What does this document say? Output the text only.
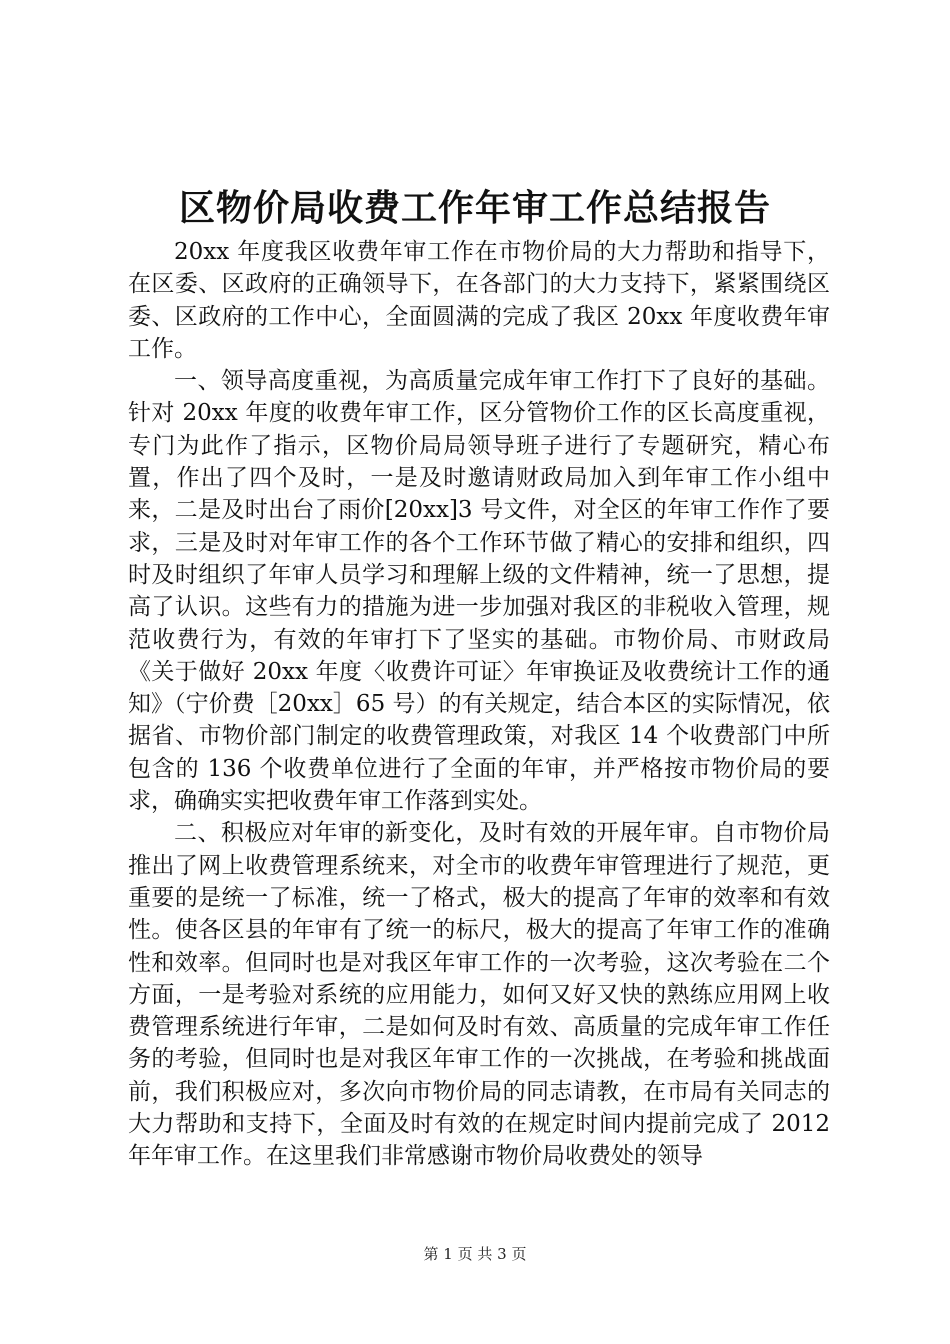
区物价局收费工作年审工作总结报告

20xx 年度我区收费年审工作在市物价局的大力帮助和指导下，在区委、区政府的正确领导下，在各部门的大力支持下，紧紧围绕区委、区政府的工作中心，全面圆满的完成了我区 20xx 年度收费年审工作。

一、领导高度重视，为高质量完成年审工作打下了良好的基础。针对 20xx 年度的收费年审工作，区分管物价工作的区长高度重视，专门为此作了指示，区物价局局领导班子进行了专题研究，精心布置，作出了四个及时，一是及时邀请财政局加入到年审工作小组中来，二是及时出台了雨价[20xx]3 号文件，对全区的年审工作作了要求，三是及时对年审工作的各个工作环节做了精心的安排和组织，四时及时组织了年审人员学习和理解上级的文件精神，统一了思想，提高了认识。这些有力的措施为进一步加强对我区的非税收入管理，规范收费行为，有效的年审打下了坚实的基础。市物价局、市财政局《关于做好 20xx 年度〈收费许可证〉年审换证及收费统计工作的通知》（宁价费［20xx］65 号）的有关规定，结合本区的实际情况，依据省、市物价部门制定的收费管理政策，对我区 14 个收费部门中所包含的 136 个收费单位进行了全面的年审，并严格按市物价局的要求，确确实实把收费年审工作落到实处。

二、积极应对年审的新变化，及时有效的开展年审。自市物价局推出了网上收费管理系统来，对全市的收费年审管理进行了规范，更重要的是统一了标准，统一了格式，极大的提高了年审的效率和有效性。使各区县的年审有了统一的标尺，极大的提高了年审工作的准确性和效率。但同时也是对我区年审工作的一次考验，这次考验在二个方面，一是考验对系统的应用能力，如何又好又快的熟练应用网上收费管理系统进行年审，二是如何及时有效、高质量的完成年审工作任务的考验，但同时也是对我区年审工作的一次挑战，在考验和挑战面前，我们积极应对，多次向市物价局的同志请教，在市局有关同志的大力帮助和支持下，全面及时有效的在规定时间内提前完成了 2012 年年审工作。在这里我们非常感谢市物价局收费处的领导

第 1 页 共 3 页
